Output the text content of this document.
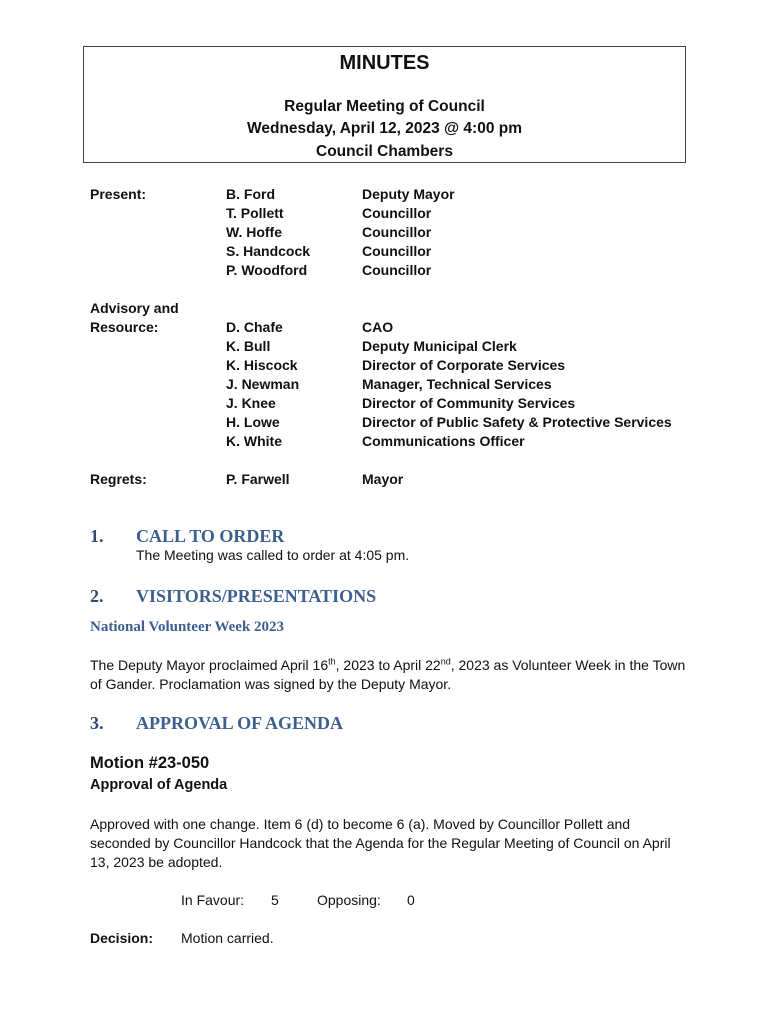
MINUTES
Regular Meeting of Council
Wednesday, April 12, 2023 @ 4:00 pm
Council Chambers
Present:	B. Ford	Deputy Mayor
T. Pollett	Councillor
W. Hoffe	Councillor
S. Handcock	Councillor
P. Woodford	Councillor
Advisory and
Resource:	D. Chafe	CAO
K. Bull	Deputy Municipal Clerk
K. Hiscock	Director of Corporate Services
J. Newman	Manager, Technical Services
J. Knee	Director of Community Services
H. Lowe	Director of Public Safety & Protective Services
K. White	Communications Officer
Regrets:	P. Farwell	Mayor
1. CALL TO ORDER
The Meeting was called to order at 4:05 pm.
2. VISITORS/PRESENTATIONS
National Volunteer Week 2023
The Deputy Mayor proclaimed April 16th, 2023 to April 22nd, 2023 as Volunteer Week in the Town of Gander. Proclamation was signed by the Deputy Mayor.
3. APPROVAL OF AGENDA
Motion #23-050
Approval of Agenda
Approved with one change. Item 6 (d) to become 6 (a). Moved by Councillor Pollett and seconded by Councillor Handcock that the Agenda for the Regular Meeting of Council on April 13, 2023 be adopted.
In Favour: 5	Opposing: 0
Decision: Motion carried.
